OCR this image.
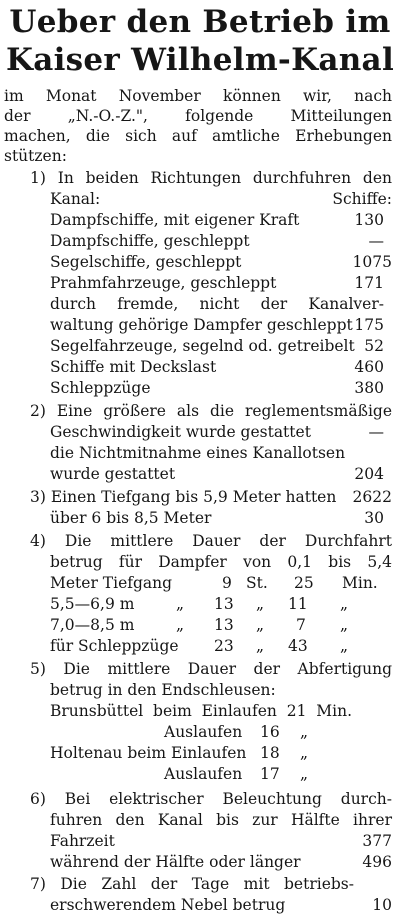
Ueber den Betrieb im
Kaiser Wilhelm-Kanal
im Monat November können wir, nach
der „N.-O.-Z.", folgende Mitteilungen
machen, die sich auf amtliche Erhebungen
stützen:
1) In beiden Richtungen durchfuhren den
Kanal:	Schiffe:
Dampfschiffe, mit eigener Kraft	130
Dampfschiffe, geschleppt	—
Segelschiffe, geschleppt	1075
Prahmfahrzeuge, geschleppt	171
durch fremde, nicht der Kanalver-
waltung gehörige Dampfer geschleppt 175
Segelfahrzeuge, segelnd od. getreibelt 52
Schiffe mit Deckslast	460
Schleppzüge	380
2) Eine größere als die reglementsmäßige
Geschwindigkeit wurde gestattet	—
die Nichtmitnahme eines Kanallotsen
wurde gestattet	204
3) Einen Tiefgang bis 5,9 Meter hatten 2622
über 6 bis 8,5 Meter	30
4) Die mittlere Dauer der Durchfahrt
betrug für Dampfer von 0,1 bis 5,4
Meter Tiefgang	9 St. 25 Min.
5,5—6,9 m	„ 13 „ 11 „
7,0—8,5 m	„ 13 „ 7 „
für Schleppzüge 23 „ 43 „
5) Die mittlere Dauer der Abfertigung
betrug in den Endschleusen:
Brunsbüttel beim Einlaufen 21 Min.
Auslaufen 16 „
Holtenau beim Einlaufen 18 „
Auslaufen 17 „
6) Bei elektrischer Beleuchtung durch-
fuhren den Kanal bis zur Hälfte ihrer
Fahrzeit	377
während der Hälfte oder länger	496
7) Die Zahl der Tage mit betriebs-
erschwerendem Nebel betrug	10
